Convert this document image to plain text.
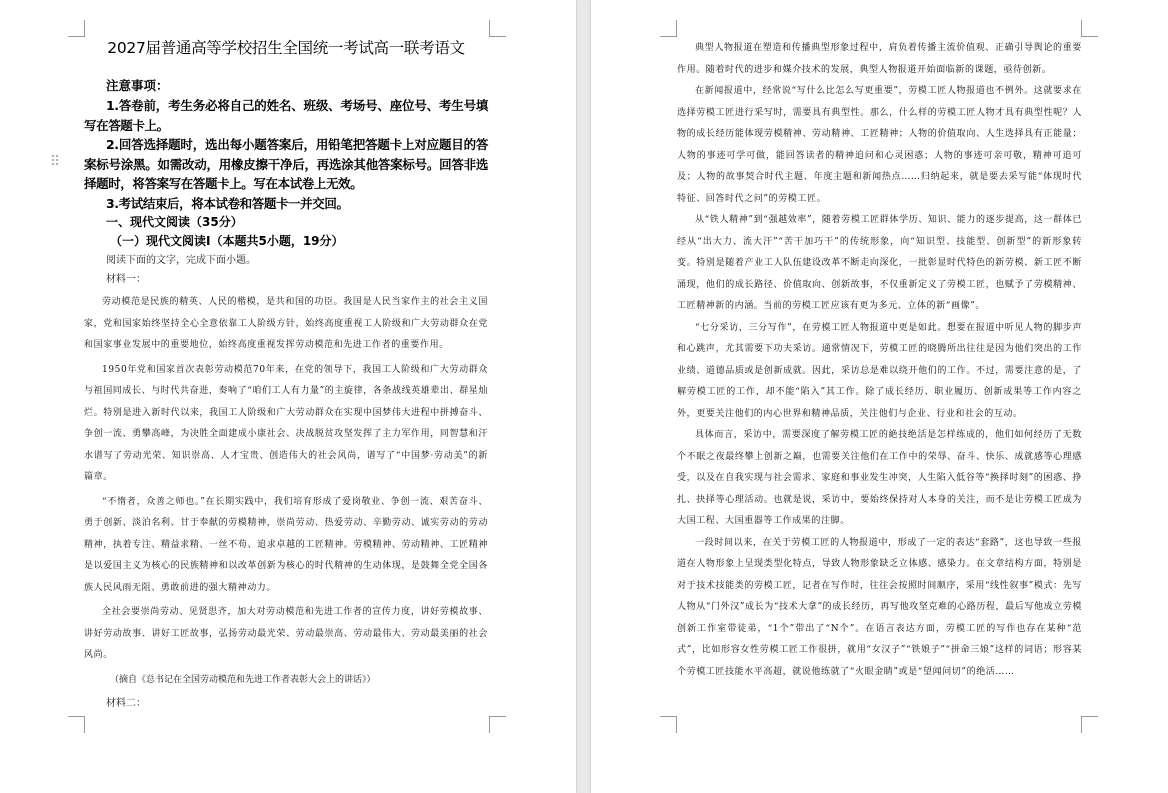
⠿
2027届普通高等学校招生全国统一考试高一联考语文
注意事项：

1.答卷前，考生务必将自己的姓名、班级、考场号、座位号、考生号填写在答题卡上。

2.回答选择题时，选出每小题答案后，用铅笔把答题卡上对应题目的答案标号涂黑。如需改动，用橡皮擦干净后，再选涂其他答案标号。回答非选择题时，将答案写在答题卡上。写在本试卷上无效。

3.考试结束后，将本试卷和答题卡一并交回。

一、现代文阅读（35分）
（一）现代文阅读Ⅰ（本题共5小题，19分）
阅读下面的文字，完成下面小题。
材料一：

劳动模范是民族的精英、人民的楷模，是共和国的功臣。我国是人民当家作主的社会主义国家，党和国家始终坚持全心全意依靠工人阶级方针，始终高度重视工人阶级和广大劳动群众在党和国家事业发展中的重要地位，始终高度重视发挥劳动模范和先进工作者的重要作用。

1950年党和国家首次表彰劳动模范70年来，在党的领导下，我国工人阶级和广大劳动群众与祖国同成长、与时代共奋进，奏响了“咱们工人有力量”的主旋律，各条战线英雄辈出、群星灿烂。特别是进入新时代以来，我国工人阶级和广大劳动群众在实现中国梦伟大进程中拼搏奋斗、争创一流、勇攀高峰，为决胜全面建成小康社会、决战脱贫攻坚发挥了主力军作用，同智慧和汗水谱写了劳动光荣、知识崇高、人才宝贵、创造伟大的社会风尚，谱写了“中国梦·劳动美”的新篇章。

“不惰者，众善之师也。”在长期实践中，我们培育形成了爱岗敬业、争创一流、艰苦奋斗、勇于创新、淡泊名利、甘于奉献的劳模精神，崇尚劳动、热爱劳动、辛勤劳动、诚实劳动的劳动精神，执着专注、精益求精、一丝不苟、追求卓越的工匠精神。劳模精神、劳动精神、工匠精神是以爱国主义为核心的民族精神和以改革创新为核心的时代精神的生动体现，是鼓舞全党全国各族人民风雨无阻、勇敢前进的强大精神动力。

全社会要崇尚劳动、见贤思齐，加大对劳动模范和先进工作者的宣传力度，讲好劳模故事、讲好劳动故事、讲好工匠故事，弘扬劳动最光荣、劳动最崇高、劳动最伟大、劳动最美丽的社会风尚。

（摘自《总书记在全国劳动模范和先进工作者表彰大会上的讲话》）
材料二：

典型人物报道在塑造和传播典型形象过程中，肩负着传播主流价值观、正确引导舆论的重要作用。随着时代的进步和媒介技术的发展，典型人物报道开始面临新的课题，亟待创新。

在新闻报道中，经常说“写什么比怎么写更重要”，劳模工匠人物报道也不例外。这就要求在选择劳模工匠进行采写时，需要具有典型性。那么，什么样的劳模工匠人物才具有典型性呢？人物的成长经历能体现劳模精神、劳动精神、工匠精神；人物的价值取向、人生选择具有正能量；人物的事迹可学可做，能回答读者的精神追问和心灵困惑；人物的事迹可亲可敬，精神可追可及；人物的故事契合时代主题、年度主题和新闻热点……归纳起来，就是要去采写能“体现时代特征、回答时代之问”的劳模工匠。

从“铁人精神”到“强越效率”，随着劳模工匠群体学历、知识、能力的逐步提高，这一群体已经从“出大力、流大汗”“苦干加巧干”的传统形象，向“知识型、技能型、创新型”的新形象转变。特别是随着产业工人队伍建设改革不断走向深化，一批彰显时代特色的新劳模、新工匠不断涌现，他们的成长路径、价值取向、创新故事，不仅重新定义了劳模工匠，也赋予了劳模精神、工匠精神新的内涵。当前的劳模工匠应该有更为多元、立体的新“画像”。

“七分采访，三分写作”，在劳模工匠人物报道中更是如此。想要在报道中听见人物的脚步声和心跳声，尤其需要下功夫采访。通常情况下，劳模工匠的晓腾所出往往是因为他们突出的工作业绩、道德品质或是创新成就。因此，采访总是难以绕开他们的工作。不过，需要注意的是，了解劳模工匠的工作，却不能“陷入”其工作。除了成长经历、职业履历、创新成果等工作内容之外，更要关注他们的内心世界和精神品质，关注他们与企业、行业和社会的互动。

具体而言，采访中，需要深度了解劳模工匠的絶技绝活是怎样练成的，他们如何经历了无数个不眠之夜最终攀上创新之巅，也需要关注他们在工作中的荣辱、奋斗、快乐、成就感等心理感受，以及在自我实现与社会需求、家庭和事业发生冲突，人生陷入低谷等“换择时刻”的困惑、挣扎、抉择等心理活动。也就是说，采访中，要始终保持对人本身的关注，而不是让劳模工匠成为大国工程、大国重器等工作成果的注脚。

一段时间以来，在关于劳模工匠的人物报道中，形成了一定的表达“套路”，这也导致一些报道在人物形象上呈现类型化特点，导致人物形象缺乏立体感、感染力。在文章结构方面，特别是对于技术技能类的劳模工匠，记者在写作时，往往会按照时间顺序，采用“线性叙事”模式：先写人物从“门外汉”成长为“技术大拿”的成长经历，再写他攻坚克难的心路历程，最后写他成立劳模创新工作室带徒弟，“1个”带出了“N个”。在语言表达方面，劳模工匠的写作也存在某种“范式”，比如形容女性劳模工匠工作很拼，就用“女汉子”“铁娘子”“拼命三娘”这样的词语；形容某个劳模工匠技能水平高超，就说他练就了“火眼金睛”或是“望闻问切”的绝活……
